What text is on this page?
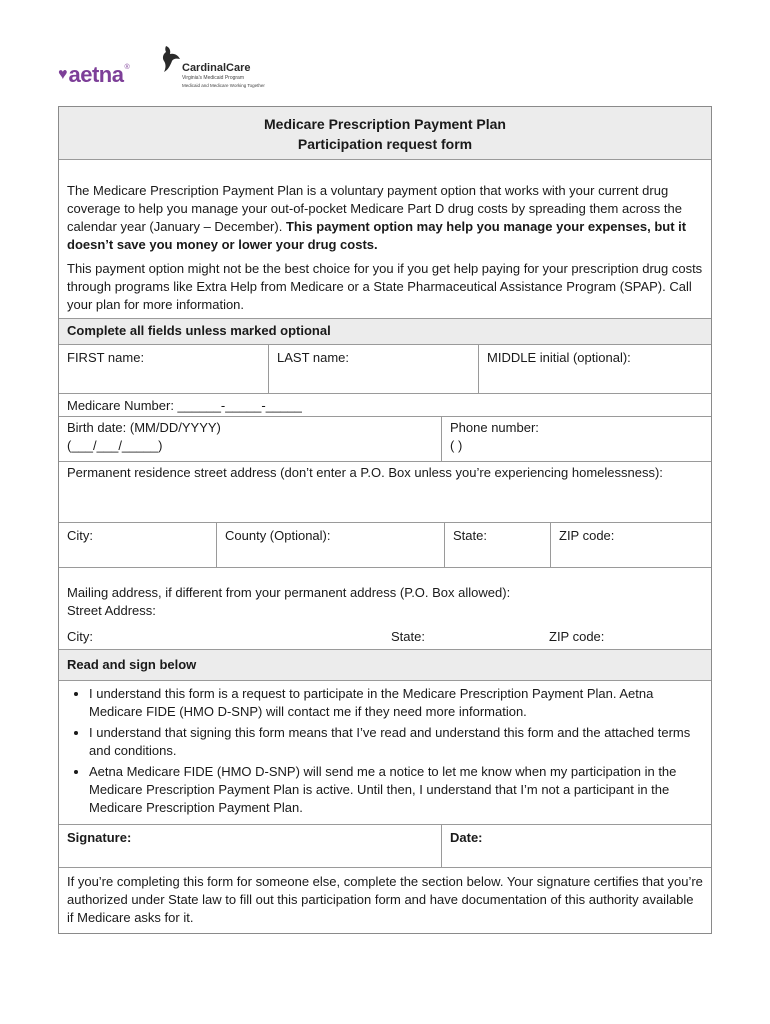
♥ aetna ®	CardinalCare
Virginia's Medicaid Program
Medicaid and Medicare Working Together
Medicare Prescription Payment Plan
Participation request form
The Medicare Prescription Payment Plan is a voluntary payment option that works with your current drug coverage to help you manage your out-of-pocket Medicare Part D drug costs by spreading them across the calendar year (January – December). This payment option may help you manage your expenses, but it doesn’t save you money or lower your drug costs.
This payment option might not be the best choice for you if you get help paying for your prescription drug costs through programs like Extra Help from Medicare or a State Pharmaceutical Assistance Program (SPAP). Call your plan for more information.
Complete all fields unless marked optional
FIRST name:	LAST name:	MIDDLE initial (optional):
Medicare Number: ______-_____-_____
Birth date: (MM/DD/YYYY)
(___/___/_____)
Phone number:
( )
Permanent residence street address (don’t enter a P.O. Box unless you’re experiencing homelessness):
City:	County (Optional):	State:	ZIP code:
Mailing address, if different from your permanent address (P.O. Box allowed):
Street Address:
City:	State:	ZIP code:
Read and sign below
• I understand this form is a request to participate in the Medicare Prescription Payment Plan. Aetna Medicare FIDE (HMO D-SNP) will contact me if they need more information.
• I understand that signing this form means that I’ve read and understand this form and the attached terms and conditions.
• Aetna Medicare FIDE (HMO D-SNP) will send me a notice to let me know when my participation in the Medicare Prescription Payment Plan is active. Until then, I understand that I’m not a participant in the Medicare Prescription Payment Plan.
Signature:	Date:
If you’re completing this form for someone else, complete the section below. Your signature certifies that you’re authorized under State law to fill out this participation form and have documentation of this authority available if Medicare asks for it.
